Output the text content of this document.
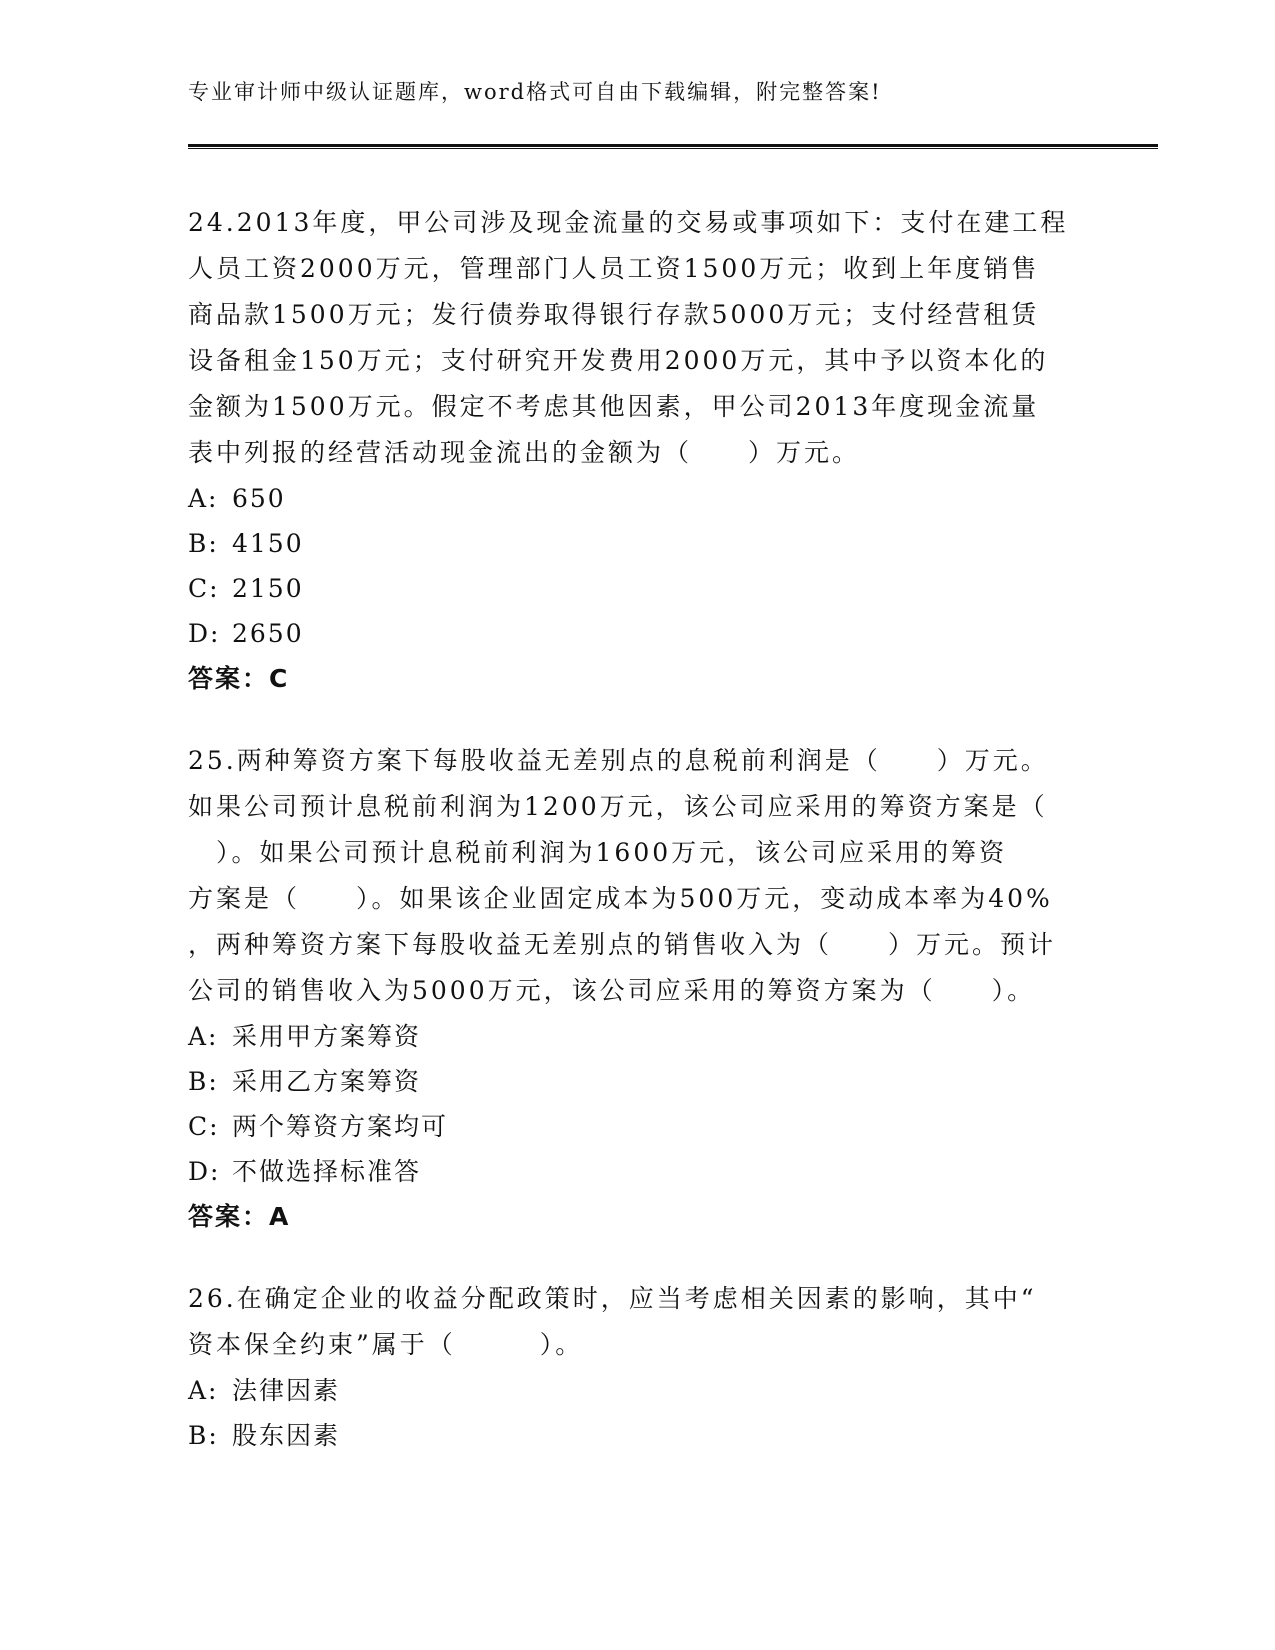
专业审计师中级认证题库，word格式可自由下载编辑，附完整答案!
24.2013年度，甲公司涉及现金流量的交易或事项如下：支付在建工程
人员工资2000万元，管理部门人员工资1500万元；收到上年度销售
商品款1500万元；发行债券取得银行存款5000万元；支付经营租赁
设备租金150万元；支付研究开发费用2000万元，其中予以资本化的
金额为1500万元。假定不考虑其他因素，甲公司2013年度现金流量
表中列报的经营活动现金流出的金额为（　　）万元。
A: 650
B: 4150
C: 2150
D: 2650
答案：C
25.两种筹资方案下每股收益无差别点的息税前利润是（　　）万元。
如果公司预计息税前利润为1200万元，该公司应采用的筹资方案是（
　）。如果公司预计息税前利润为1600万元，该公司应采用的筹资
方案是（　　）。如果该企业固定成本为500万元，变动成本率为40%
，两种筹资方案下每股收益无差别点的销售收入为（　　）万元。预计
公司的销售收入为5000万元，该公司应采用的筹资方案为（　　）。
A: 采用甲方案筹资
B: 采用乙方案筹资
C: 两个筹资方案均可
D: 不做选择标准答
答案：A
26.在确定企业的收益分配政策时，应当考虑相关因素的影响，其中“
资本保全约束”属于（　　　）。
A: 法律因素
B: 股东因素
